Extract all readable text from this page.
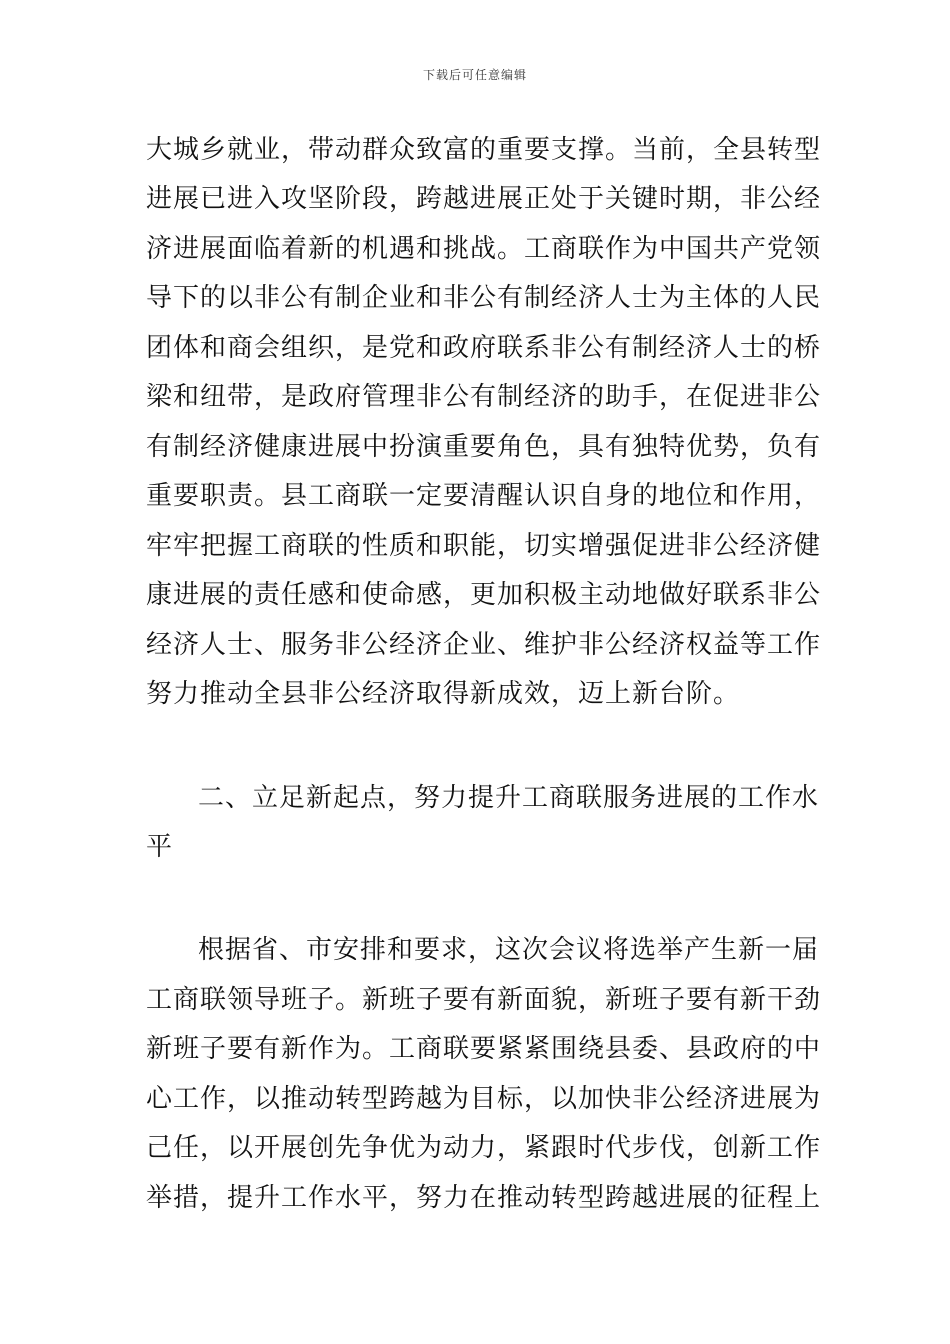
下载后可任意编辑
大城乡就业，带动群众致富的重要支撑。当前，全县转型
进展已进入攻坚阶段，跨越进展正处于关键时期，非公经
济进展面临着新的机遇和挑战。工商联作为中国共产党领
导下的以非公有制企业和非公有制经济人士为主体的人民
团体和商会组织，是党和政府联系非公有制经济人士的桥
梁和纽带，是政府管理非公有制经济的助手，在促进非公
有制经济健康进展中扮演重要角色，具有独特优势，负有
重要职责。县工商联一定要清醒认识自身的地位和作用，
牢牢把握工商联的性质和职能，切实增强促进非公经济健
康进展的责任感和使命感，更加积极主动地做好联系非公
经济人士、服务非公经济企业、维护非公经济权益等工作
努力推动全县非公经济取得新成效，迈上新台阶。
二、立足新起点，努力提升工商联服务进展的工作水
平
根据省、市安排和要求，这次会议将选举产生新一届
工商联领导班子。新班子要有新面貌，新班子要有新干劲
新班子要有新作为。工商联要紧紧围绕县委、县政府的中
心工作，以推动转型跨越为目标，以加快非公经济进展为
己任，以开展创先争优为动力，紧跟时代步伐，创新工作
举措，提升工作水平，努力在推动转型跨越进展的征程上
